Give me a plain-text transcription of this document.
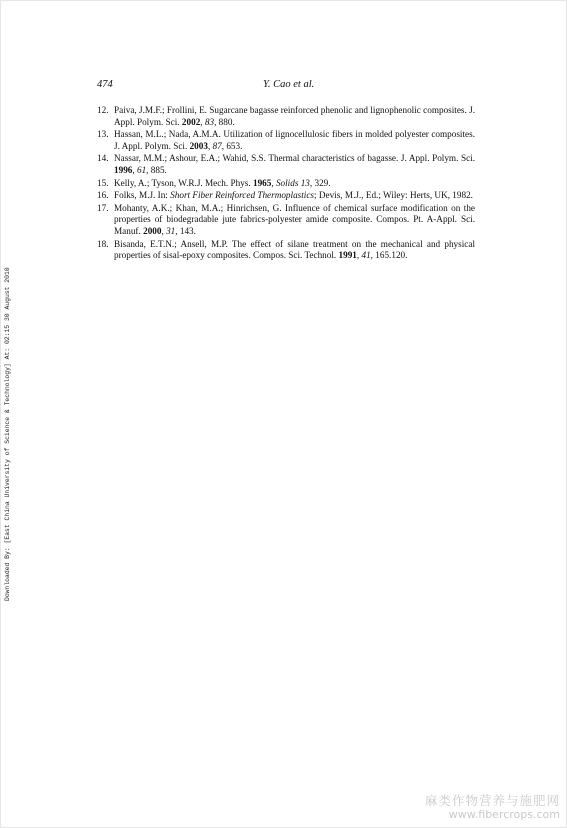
474	Y. Cao et al.
12. Paiva, J.M.F.; Frollini, E. Sugarcane bagasse reinforced phenolic and lignophenolic composites. J. Appl. Polym. Sci. 2002, 83, 880.
13. Hassan, M.L.; Nada, A.M.A. Utilization of lignocellulosic fibers in molded polyester composites. J. Appl. Polym. Sci. 2003, 87, 653.
14. Nassar, M.M.; Ashour, E.A.; Wahid, S.S. Thermal characteristics of bagasse. J. Appl. Polym. Sci. 1996, 61, 885.
15. Kelly, A.; Tyson, W.R.J. Mech. Phys. 1965, Solids 13, 329.
16. Folks, M.J. In: Short Fiber Reinforced Thermoplastics; Devis, M.J., Ed.; Wiley: Herts, UK, 1982.
17. Mohanty, A.K.; Khan, M.A.; Hinrichsen, G. Influence of chemical surface modification on the properties of biodegradable jute fabrics-polyester amide composite. Compos. Pt. A-Appl. Sci. Manuf. 2000, 31, 143.
18. Bisanda, E.T.N.; Ansell, M.P. The effect of silane treatment on the mechanical and physical properties of sisal-epoxy composites. Compos. Sci. Technol. 1991, 41, 165.120.
Downloaded By: [East China University of Science & Technology] At: 02:15 30 August 2010
麻类作物营养与施肥网
www.fibercrops.com
